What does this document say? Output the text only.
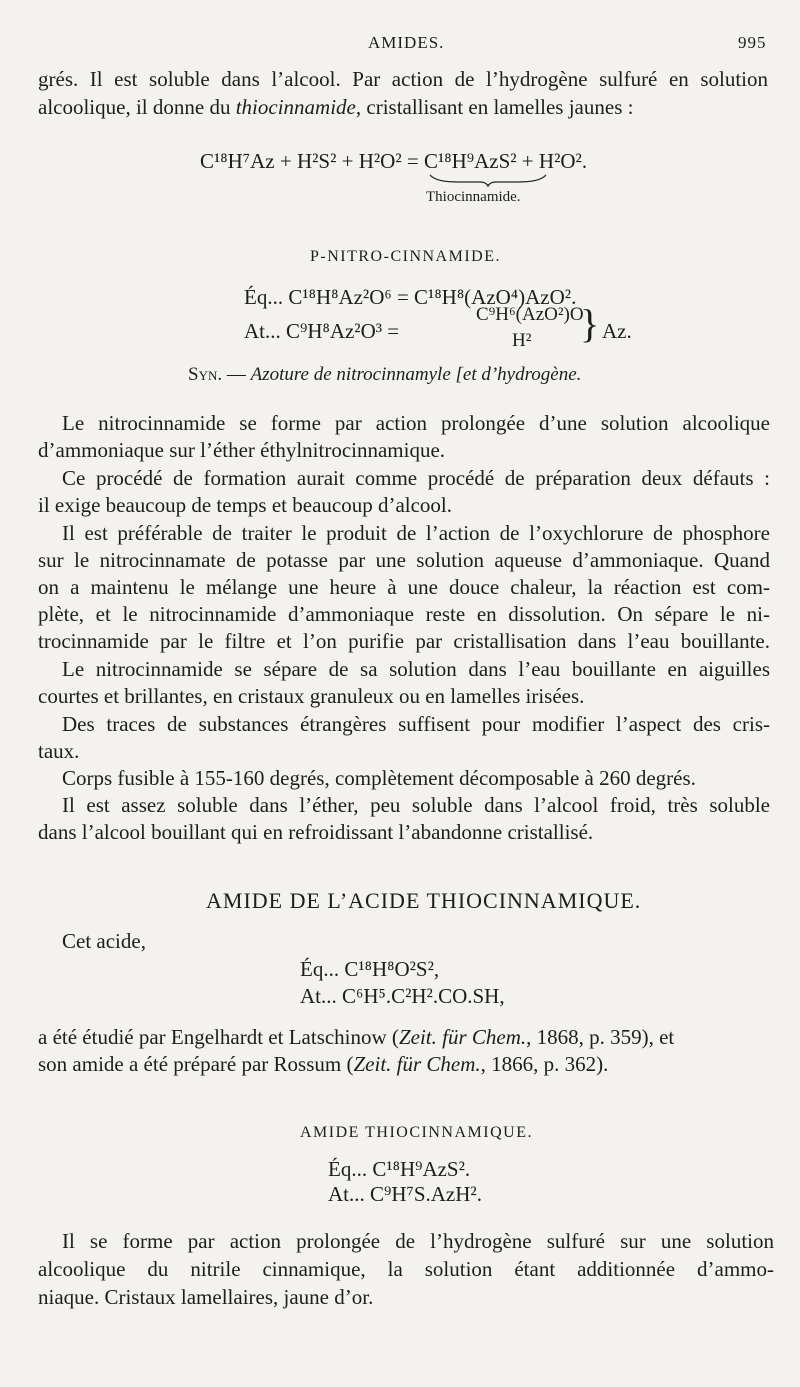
AMIDES.	995
grés. Il est soluble dans l’alcool. Par action de l’hydrogène sulfuré en solution
alcoolique, il donne du thiocinnamide, cristallisant en lamelles jaunes :
C¹⁸H⁷Az + H²S² + H²O² = C¹⁸H⁹AzS² + H²O².
Thiocinnamide.
P-NITRO-CINNAMIDE.
Éq... C¹⁸H⁸Az²O⁶ = C¹⁸H⁸(AzO⁴)AzO².
At... C⁹H⁸Az²O³ =
C⁹H⁶(AzO²)O
H² } Az.
Syn. — Azoture de nitrocinnamyle [et d’hydrogène.
Le nitrocinnamide se forme par action prolongée d’une solution alcoolique
d’ammoniaque sur l’éther éthylnitrocinnamique.
Ce procédé de formation aurait comme procédé de préparation deux défauts :
il exige beaucoup de temps et beaucoup d’alcool.
Il est préférable de traiter le produit de l’action de l’oxychlorure de phosphore
sur le nitrocinnamate de potasse par une solution aqueuse d’ammoniaque. Quand
on a maintenu le mélange une heure à une douce chaleur, la réaction est com-
plète, et le nitrocinnamide d’ammoniaque reste en dissolution. On sépare le ni-
trocinnamide par le filtre et l’on purifie par cristallisation dans l’eau bouillante.
Le nitrocinnamide se sépare de sa solution dans l’eau bouillante en aiguilles
courtes et brillantes, en cristaux granuleux ou en lamelles irisées.
Des traces de substances étrangères suffisent pour modifier l’aspect des cris-
taux.
Corps fusible à 155-160 degrés, complètement décomposable à 260 degrés.
Il est assez soluble dans l’éther, peu soluble dans l’alcool froid, très soluble
dans l’alcool bouillant qui en refroidissant l’abandonne cristallisé.
AMIDE DE L’ACIDE THIOCINNAMIQUE.
Cet acide,
Éq... C¹⁸H⁸O²S²,
At... C⁶H⁵.C²H².CO.SH,
a été étudié par Engelhardt et Latschinow (Zeit. für Chem., 1868, p. 359), et
son amide a été préparé par Rossum (Zeit. für Chem., 1866, p. 362).
AMIDE THIOCINNAMIQUE.
Éq... C¹⁸H⁹AzS².
At... C⁹H⁷S.AzH².
Il se forme par action prolongée de l’hydrogène sulfuré sur une solution
alcoolique du nitrile cinnamique, la solution étant additionnée d’ammo-
niaque. Cristaux lamellaires, jaune d’or.
